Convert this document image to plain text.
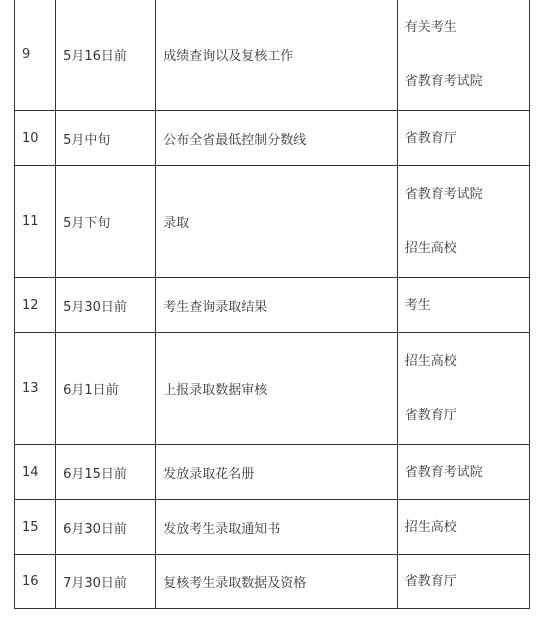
9	5月16日前	成绩查询以及复核工作	有关考生
省教育考试院

10	5月中旬	公布全省最低控制分数线	省教育厅

11	5月下旬	录取	省教育考试院
招生高校

12	5月30日前	考生查询录取结果	考生

13	6月1日前	上报录取数据审核	招生高校
省教育厅

14	6月15日前	发放录取花名册	省教育考试院

15	6月30日前	发放考生录取通知书	招生高校

16	7月30日前	复核考生录取数据及资格	省教育厅
